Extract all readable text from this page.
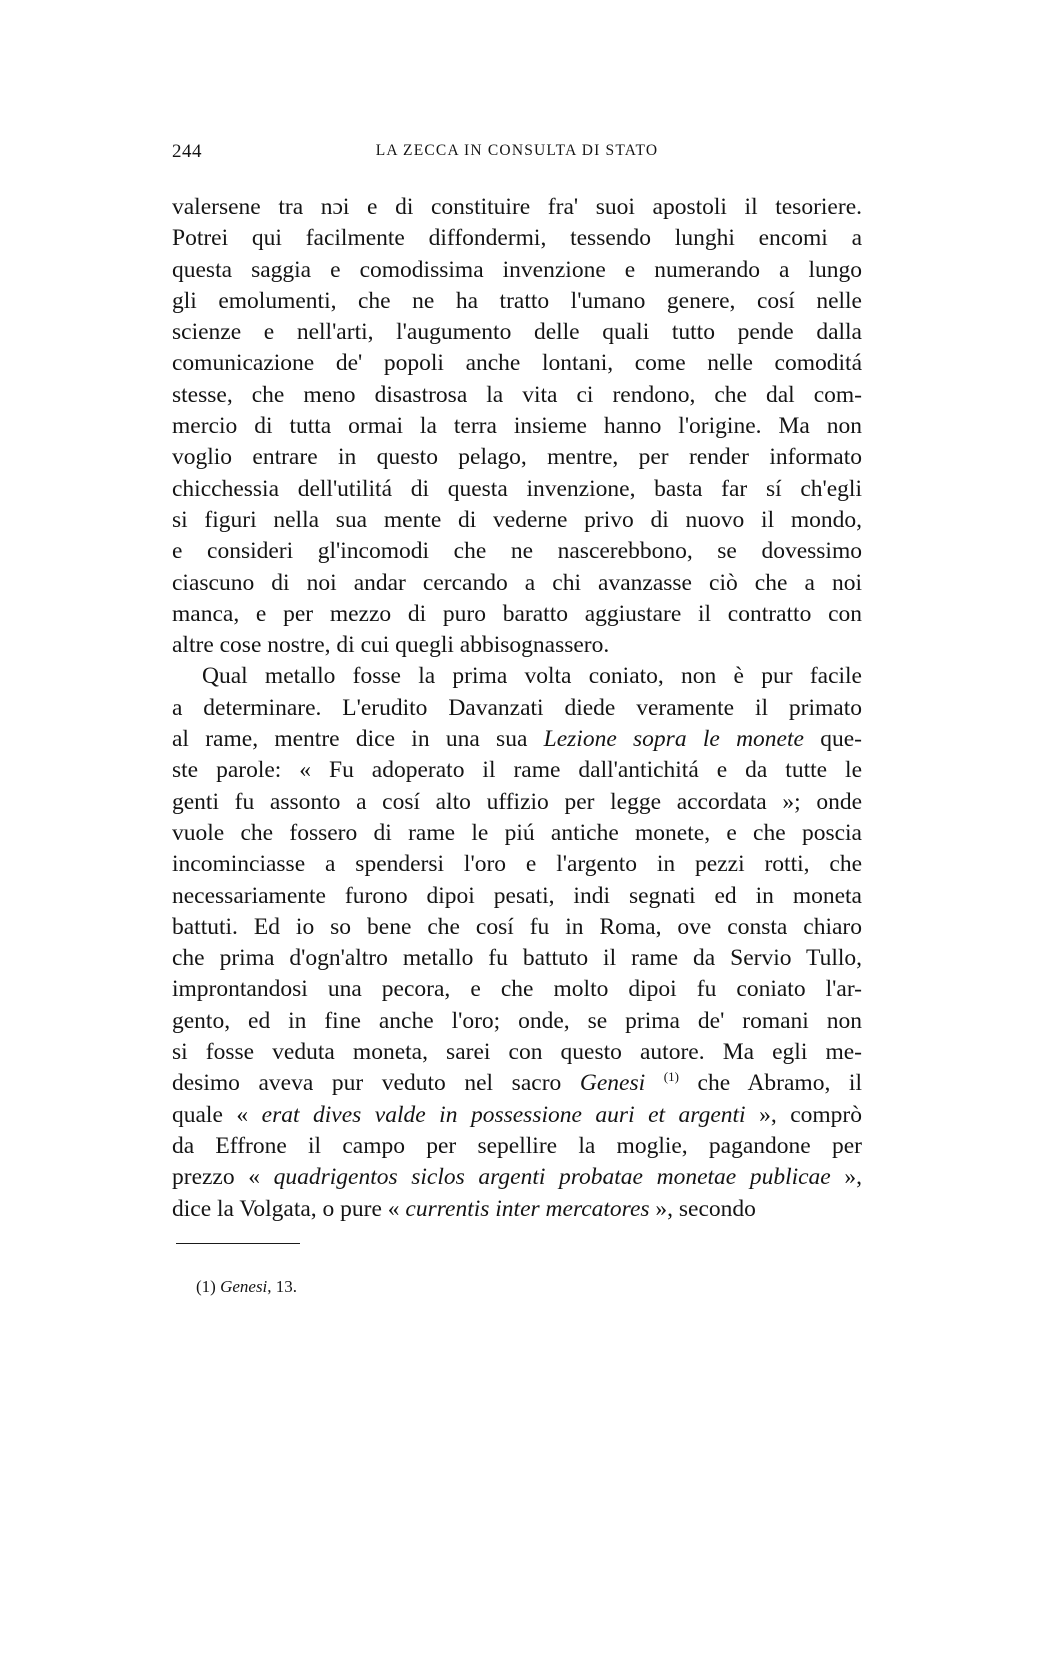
244	LA ZECCA IN CONSULTA DI STATO
valersene tra nɔi e di constituire fra' suoi apostoli il tesoriere.
Potrei qui facilmente diffondermi, tessendo lunghi encomi a
questa saggia e comodissima invenzione e numerando a lungo
gli emolumenti, che ne ha tratto l'umano genere, cosí nelle
scienze e nell'arti, l'augumento delle quali tutto pende dalla
comunicazione de' popoli anche lontani, come nelle comoditá
stesse, che meno disastrosa la vita ci rendono, che dal com-
mercio di tutta ormai la terra insieme hanno l'origine. Ma non
voglio entrare in questo pelago, mentre, per render informato
chicchessia dell'utilitá di questa invenzione, basta far sí ch'egli
si figuri nella sua mente di vederne privo di nuovo il mondo,
e consideri gl'incomodi che ne nascerebbono, se dovessimo
ciascuno di noi andar cercando a chi avanzasse ciò che a noi
manca, e per mezzo di puro baratto aggiustare il contratto con
altre cose nostre, di cui quegli abbisognassero.
Qual metallo fosse la prima volta coniato, non è pur facile
a determinare. L'erudito Davanzati diede veramente il primato
al rame, mentre dice in una sua Lezione sopra le monete que-
ste parole: « Fu adoperato il rame dall'antichitá e da tutte le
genti fu assonto a cosí alto uffizio per legge accordata »; onde
vuole che fossero di rame le piú antiche monete, e che poscia
incominciasse a spendersi l'oro e l'argento in pezzi rotti, che
necessariamente furono dipoi pesati, indi segnati ed in moneta
battuti. Ed io so bene che cosí fu in Roma, ove consta chiaro
che prima d'ogn'altro metallo fu battuto il rame da Servio Tullo,
improntandosi una pecora, e che molto dipoi fu coniato l'ar-
gento, ed in fine anche l'oro; onde, se prima de' romani non
si fosse veduta moneta, sarei con questo autore. Ma egli me-
desimo aveva pur veduto nel sacro Genesi $^{(1)}$ che Abramo, il
quale « erat dives valde in possessione auri et argenti », comprò
da Effrone il campo per sepellire la moglie, pagandone per
prezzo « quadrigentos siclos argenti probatae monetae publicae »,
dice la Volgata, o pure « currentis inter mercatores », secondo
(1) Genesi, 13.
